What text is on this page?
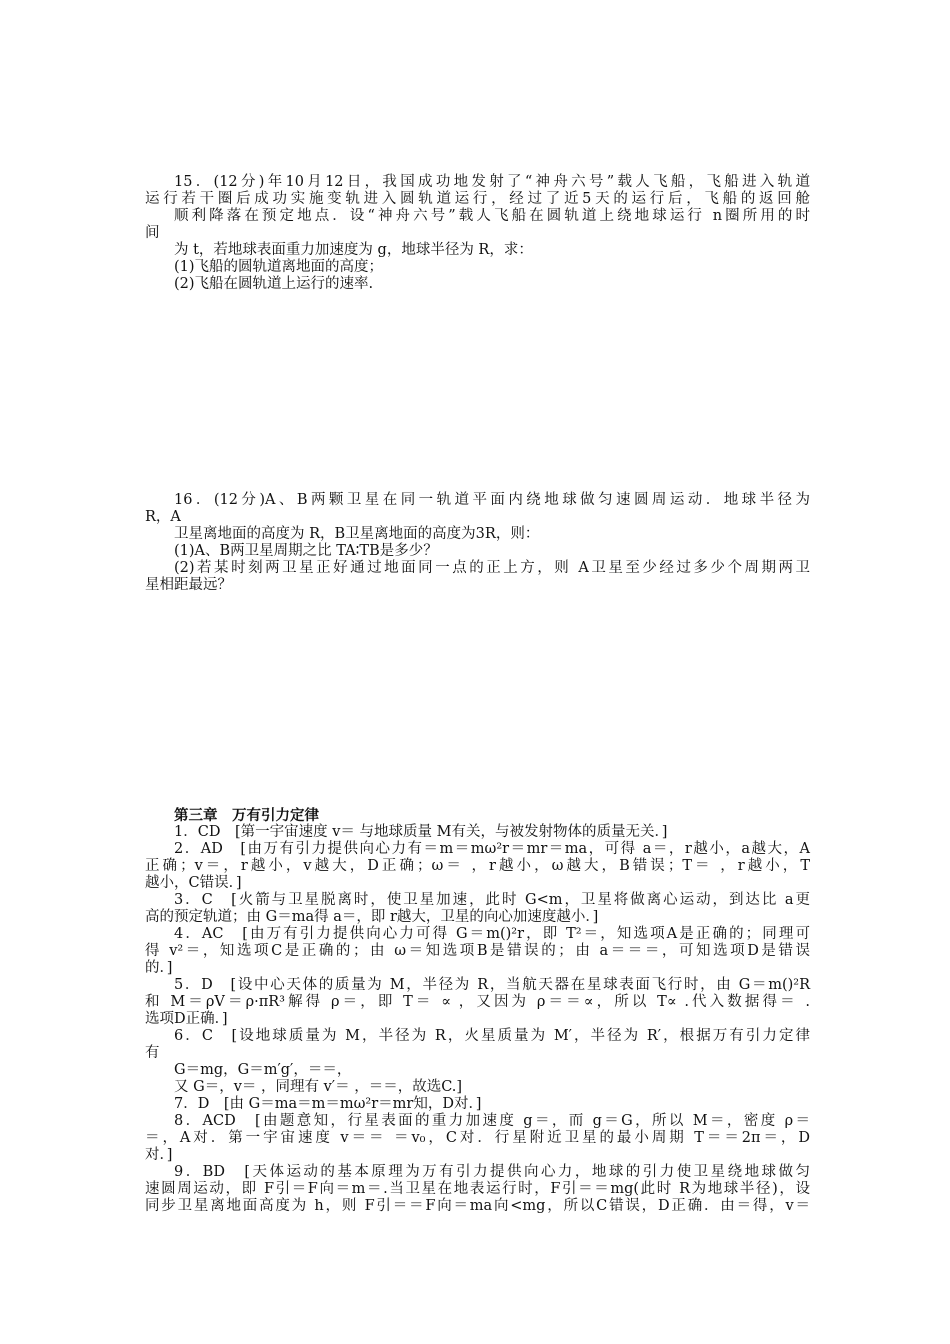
15．(12分)年10月12日，我国成功地发射了“神舟六号”载人飞船，飞船进入轨道
运行若干圈后成功实施变轨进入圆轨道运行，经过了近5天的运行后，飞船的返回舱
顺利降落在预定地点．设“神舟六号”载人飞船在圆轨道上绕地球运行 n圈所用的时
间
为 t，若地球表面重力加速度为 g，地球半径为 R，求：
(1)飞船的圆轨道离地面的高度；
(2)飞船在圆轨道上运行的速率.
16．(12分)A、B两颗卫星在同一轨道平面内绕地球做匀速圆周运动．地球半径为
R，A
卫星离地面的高度为 R，B卫星离地面的高度为3R，则：
(1)A、B两卫星周期之比 TA∶TB是多少？
(2)若某时刻两卫星正好通过地面同一点的正上方，则 A卫星至少经过多少个周期两卫
星相距最远？
第三章　万有引力定律
1．CD　[第一宇宙速度 v＝ 与地球质量 M有关，与被发射物体的质量无关．]
2．AD　[由万有引力提供向心力有＝m＝mω²r＝mr＝ma，可得 a＝，r越小，a越大，A
正确；v＝，r越小，v越大，D正确；ω＝ ，r越小，ω越大，B错误；T＝ ，r越小，T
越小，C错误．]
3．C　[火箭与卫星脱离时，使卫星加速，此时 G<m，卫星将做离心运动，到达比 a更
高的预定轨道；由 G＝ma得 a＝，即 r越大，卫星的向心加速度越小．]
4．AC　[由万有引力提供向心力可得 G＝m()²r，即 T²＝，知选项A是正确的；同理可
得 v²＝，知选项C是正确的；由 ω＝知选项B是错误的；由 a＝＝＝，可知选项D是错误
的．]
5．D　[设中心天体的质量为 M，半径为 R，当航天器在星球表面飞行时，由 G＝m()²R
和 M＝ρV＝ρ·πR³解得 ρ＝，即 T＝ ∝ ，又因为 ρ＝＝∝，所以 T∝ .代入数据得＝ .
选项D正确．]
6．C　[设地球质量为 M，半径为 R，火星质量为 M′，半径为 R′，根据万有引力定律
有
G＝mg，G＝m′g′，＝＝，
又 G＝，v＝ ，同理有 v′＝ ，＝＝，故选C.]
7．D　[由 G＝ma＝m＝mω²r＝mr知，D对．]
8．ACD　[由题意知，行星表面的重力加速度 g＝，而 g＝G，所以 M＝，密度 ρ＝
＝，A对．第一宇宙速度 v＝＝ ＝v₀，C对．行星附近卫星的最小周期 T＝＝2π＝，D
对．]
9．BD　[天体运动的基本原理为万有引力提供向心力，地球的引力使卫星绕地球做匀
速圆周运动，即 F引＝F向＝m＝.当卫星在地表运行时，F引＝＝mg(此时 R为地球半径)，设
同步卫星离地面高度为 h，则 F引＝＝F向＝ma向<mg，所以C错误，D正确．由＝得，v＝
